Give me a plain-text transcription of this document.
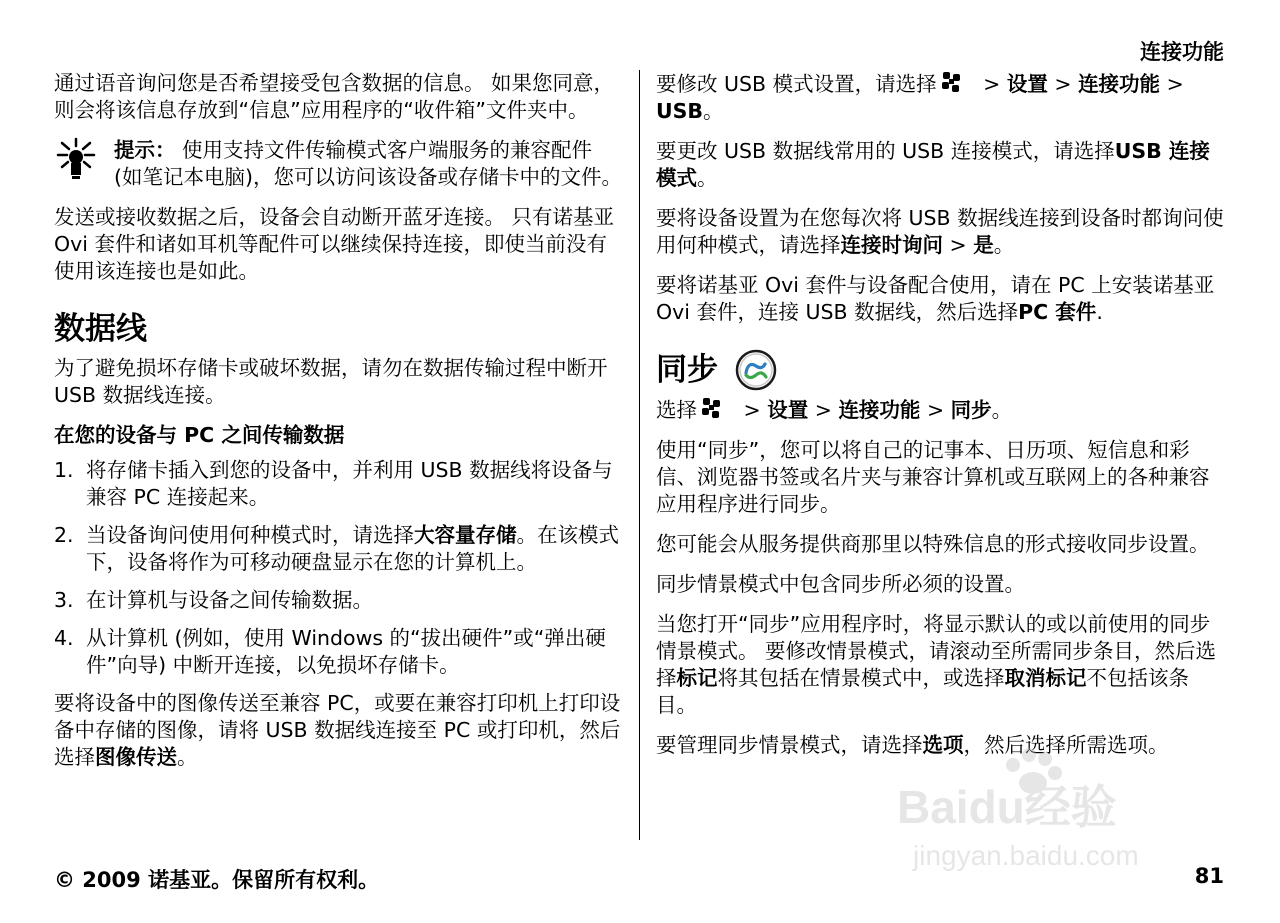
连接功能

通过语音询问您是否希望接受包含数据的信息。 如果您同意，则会将该信息存放到“信息”应用程序的“收件箱”文件夹中。

提示： 使用支持文件传输模式客户端服务的兼容配件 (如笔记本电脑)，您可以访问该设备或存储卡中的文件。

发送或接收数据之后，设备会自动断开蓝牙连接。 只有诺基亚 Ovi 套件和诸如耳机等配件可以继续保持连接，即使当前没有使用该连接也是如此。

数据线

为了避免损坏存储卡或破坏数据，请勿在数据传输过程中断开 USB 数据线连接。

在您的设备与 PC 之间传输数据
1. 将存储卡插入到您的设备中，并利用 USB 数据线将设备与兼容 PC 连接起来。
2. 当设备询问使用何种模式时，请选择大容量存储。在该模式下，设备将作为可移动硬盘显示在您的计算机上。
3. 在计算机与设备之间传输数据。
4. 从计算机 (例如，使用 Windows 的“拔出硬件”或“弹出硬件”向导) 中断开连接，以免损坏存储卡。

要将设备中的图像传送至兼容 PC，或要在兼容打印机上打印设备中存储的图像，请将 USB 数据线连接至 PC 或打印机，然后选择图像传送。

要修改 USB 模式设置，请选择 > 设置 > 连接功能 > USB。

要更改 USB 数据线常用的 USB 连接模式，请选择USB 连接模式。

要将设备设置为在您每次将 USB 数据线连接到设备时都询问使用何种模式，请选择连接时询问 > 是。

要将诺基亚 Ovi 套件与设备配合使用，请在 PC 上安装诺基亚 Ovi 套件，连接 USB 数据线，然后选择PC 套件.

同步

选择 > 设置 > 连接功能 > 同步。

使用“同步”，您可以将自己的记事本、日历项、短信息和彩信、浏览器书签或名片夹与兼容计算机或互联网上的各种兼容应用程序进行同步。

您可能会从服务提供商那里以特殊信息的形式接收同步设置。

同步情景模式中包含同步所必须的设置。

当您打开“同步”应用程序时，将显示默认的或以前使用的同步情景模式。 要修改情景模式，请滚动至所需同步条目，然后选择标记将其包括在情景模式中，或选择取消标记不包括该条目。

要管理同步情景模式，请选择选项，然后选择所需选项。

Baidu经验
jingyan.baidu.com
© 2009 诺基亚。保留所有权利。	81
